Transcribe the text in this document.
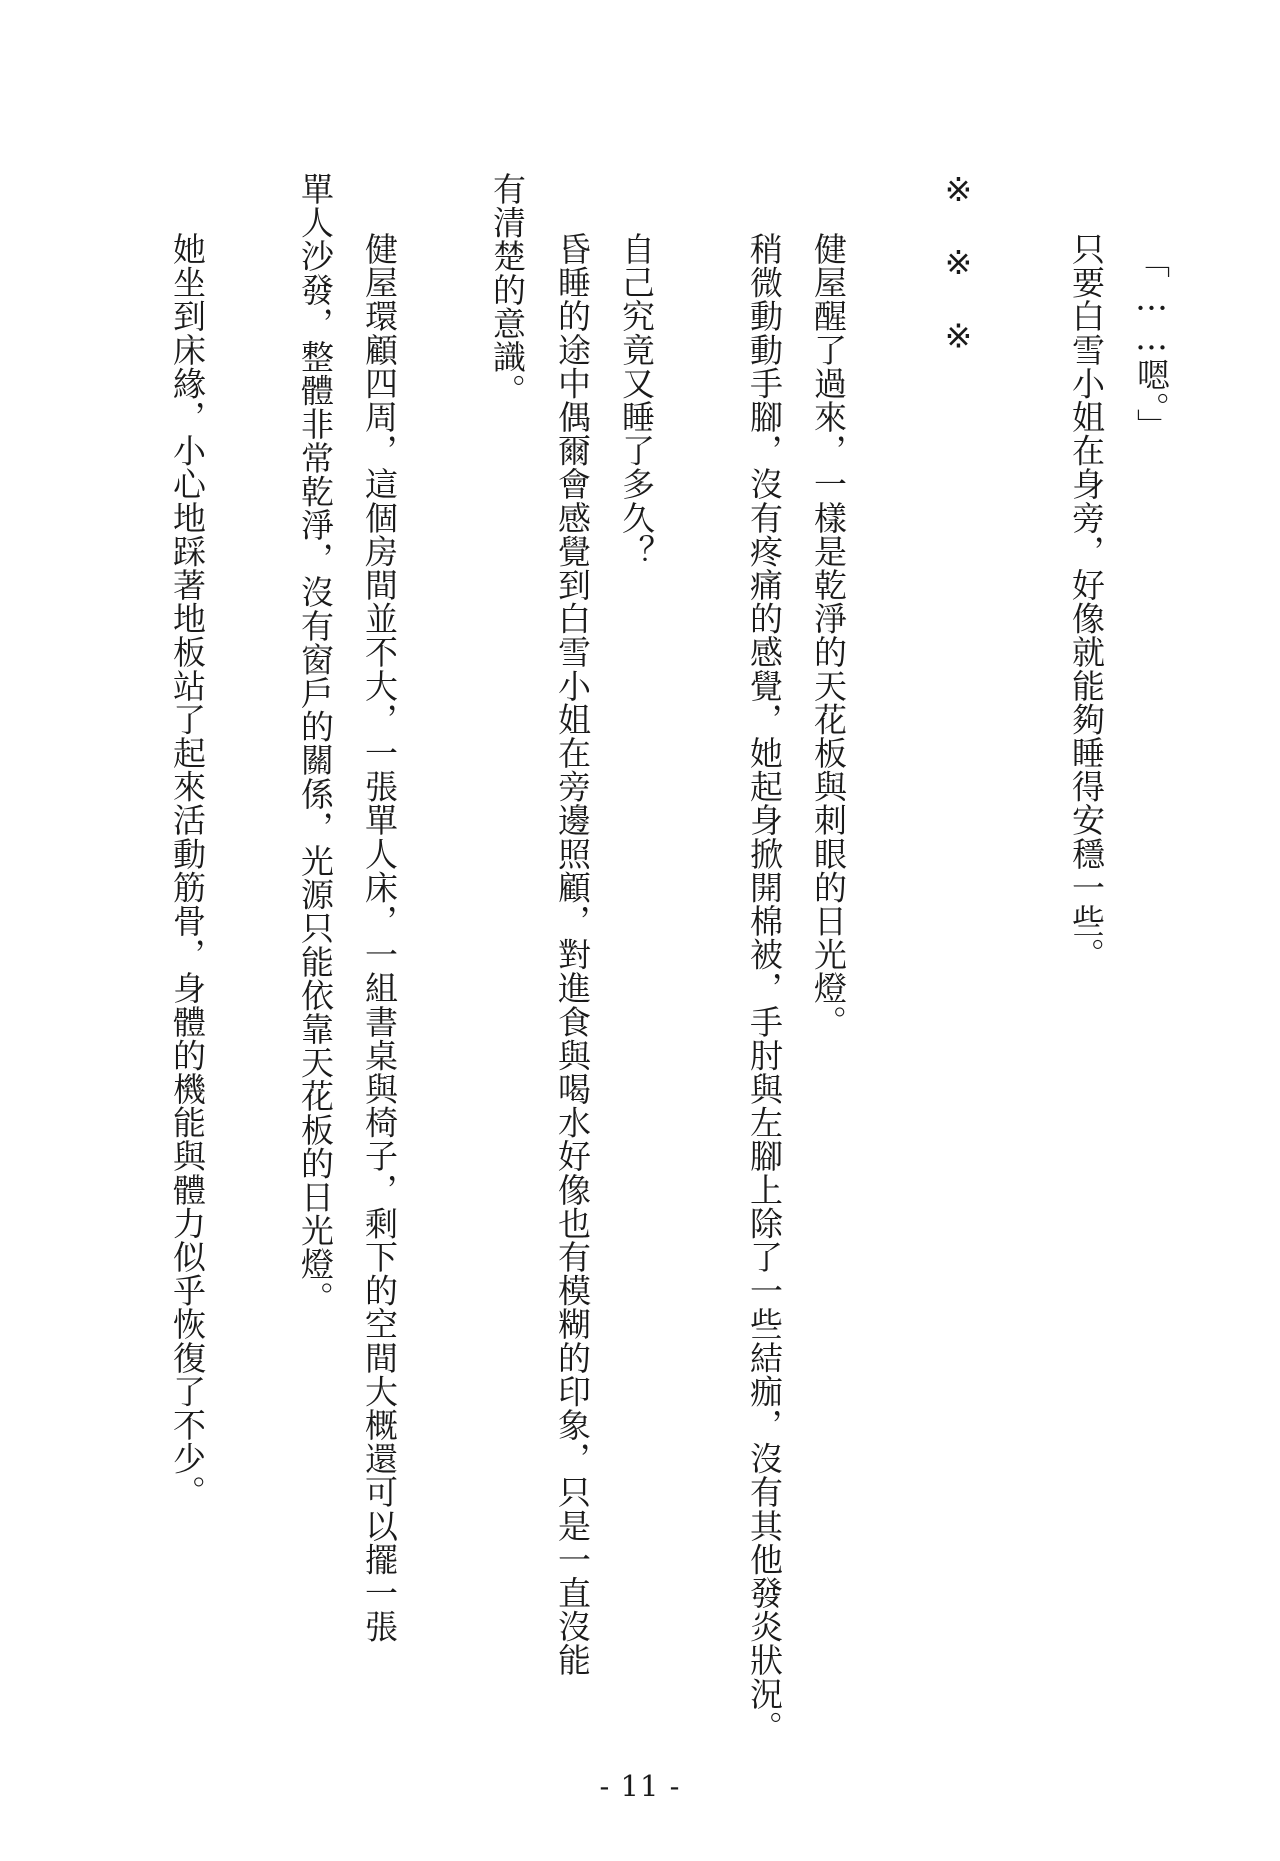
「……嗯。」
只要白雪小姐在身旁，好像就能夠睡得安穩一些。
※　※　※
健屋醒了過來，一樣是乾淨的天花板與刺眼的日光燈。
稍微動動手腳，沒有疼痛的感覺，她起身掀開棉被，手肘與左腳上除了一些結痂，沒有其他發炎狀況。
自己究竟又睡了多久？
昏睡的途中偶爾會感覺到白雪小姐在旁邊照顧，對進食與喝水好像也有模糊的印象，只是一直沒能
有清楚的意識。
健屋環顧四周，這個房間並不大，一張單人床，一組書桌與椅子，剩下的空間大概還可以擺一張
單人沙發，整體非常乾淨，沒有窗戶的關係，光源只能依靠天花板的日光燈。
她坐到床緣，小心地踩著地板站了起來活動筋骨，身體的機能與體力似乎恢復了不少。
- 11 -
